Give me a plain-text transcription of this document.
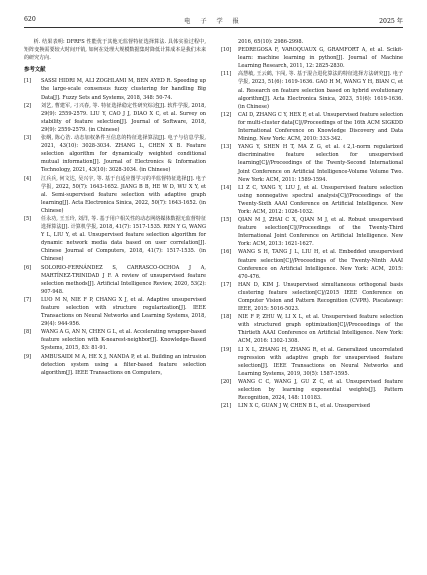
620	电 子 学 报	2025 年

析. 结果表明: DFRFS 性能优于其他无监督特征选择算法. 具体实验过程中, 矩阵变换需要较大时间开销, 如何在处理大规模数据集时降低计算成本是我们未来的研究方向.

参考文献
[1]	SASSI HIDRI M, ALI ZOGHLAMI M, BEN AYED R. Speeding up the large-scale consensus fuzzy clustering for handling Big Data[J]. Fuzzy Sets and Systems, 2018, 348: 50-74.
[2]	刘艺, 曹建军, 刁兴春, 等. 特征选择稳定性研究综述[J]. 软件学报, 2018, 29(9): 2559-2579. LIU Y, CAO J J, DIAO X C, et al. Survey on stability of feature selection[J]. Journal of Software, 2018, 29(9): 2559-2579. (in Chinese)
[3]	张纲, 陈心浩. 动态加权条件互信息的特征选择算法[J]. 电子与信息学报, 2021, 43(10): 3028-3034. ZHANG L, CHEN X B. Feature selection algorithm for dynamically weighted conditional mutual information[J]. Journal of Electronics & Information Technology, 2021, 43(10): 3028-3034. (in Chinese)
[4]	江兵兵, 何文达, 吴兴宇, 等. 基于自适应图学习的半监督特征选择[J]. 电子学报, 2022, 50(7): 1643-1652. JIANG B B, HE W D, WU X Y, et al. Semi-supervised feature selection with adaptive graph learning[J]. Acta Electronica Sinica, 2022, 50(7): 1643-1652. (in Chinese)
[5]	任永功, 王玉玲, 刘洋, 等. 基于用户相关性的动态网络媒体数据无监督特征选择算法[J]. 计算机学报, 2018, 41(7): 1517-1535. REN Y G, WANG Y L, LIU Y, et al. Unsupervised feature selection algorithm for dynamic network media data based on user correlation[J]. Chinese Journal of Computers, 2018, 41(7): 1517-1535. (in Chinese)
[6]	SOLORIO-FERNÁNDEZ S, CARRASCO-OCHOA J A, MARTÍNEZ-TRINIDAD J F. A review of unsupervised feature selection methods[J]. Artificial Intelligence Review, 2020, 53(2): 907-948.
[7]	LUO M N, NIE F P, CHANG X J, et al. Adaptive unsupervised feature selection with structure regularization[J]. IEEE Transactions on Neural Networks and Learning Systems, 2018, 29(4): 944-956.
[8]	WANG A G, AN N, CHEN G L, et al. Accelerating wrapper-based feature selection with K-nearest-neighbor[J]. Knowledge-Based Systems, 2015, 83: 81-91.
[9]	AMBUSAIDI M A, HE X J, NANDA P, et al. Building an intrusion detection system using a filter-based feature selection algorithm[J]. IEEE Transactions on Computers,
2016, 65(10): 2986-2998.
[10]	PEDREGOSA F, VAROQUAUX G, GRAMFORT A, et al. Scikit-learn: machine learning in python[J]. Journal of Machine Learning Research, 2011, 12: 2825-2830.
[11]	高慧敏, 王云鹤, 卞闯, 等. 基于混合进化算法的特征选择方法研究[J]. 电子学报, 2023, 51(6): 1619-1636. GAO H M, WANG Y H, BIAN C, et al. Research on feature selection based on hybrid evolutionary algorithm[J]. Acta Electronica Sinica, 2023, 51(6): 1619-1636. (in Chinese)
[12]	CAI D, ZHANG C Y, HEX F, et al. Unsupervised feature selection for multi-cluster data[C]//Proceedings of the 16th ACM SIGKDD International Conference on Knowledge Discovery and Data Mining. New York: ACM, 2010: 333-342.
[13]	YANG Y, SHEN H T, MA Z G, et al. ℓ2,1-norm regularized discriminative feature selection for unsupervised learning[C]//Proceedings of the Twenty-Second International Joint Conference on Artificial Intelligence-Volume Volume Two. New York: ACM, 2011: 1589-1594.
[14]	LI Z C, YANG Y, LIU J, et al. Unsupervised feature selection using nonnegative spectral analysis[C]//Proceedings of the Twenty-Sixth AAAI Conference on Artificial Intelligence. New York: ACM, 2012: 1026-1032.
[15]	QIAN M J, ZHAI C X, QIAN M J, et al. Robust unsupervised feature selection[C]//Proceedings of the Twenty-Third International Joint Conference on Artificial Intelligence. New York: ACM, 2013: 1621-1627.
[16]	WANG S H, TANG J L, LIU H, et al. Embedded unsupervised feature selection[C]//Proceedings of the Twenty-Ninth AAAI Conference on Artificial Intelligence. New York: ACM, 2015: 470-476.
[17]	HAN D, KIM J. Unsupervised simultaneous orthogonal basis clustering feature selection[C]//2015 IEEE Conference on Computer Vision and Pattern Recognition (CVPR). Piscataway: IEEE, 2015: 5016-5023.
[18]	NIE F P, ZHU W, LI X L, et al. Unsupervised feature selection with structured graph optimization[C]//Proceedings of the Thirtieth AAAI Conference on Artificial Intelligence. New York: ACM, 2016: 1302-1308.
[19]	LI X L, ZHANG H, ZHANG R, et al. Generalized uncorrelated regression with adaptive graph for unsupervised feature selection[J]. IEEE Transactions on Neural Networks and Learning Systems, 2019, 30(5): 1587-1595.
[20]	WANG C C, WANG J, GU Z C, et al. Unsupervised feature selection by learning exponential weights[J]. Pattern Recognition, 2024, 148: 110183.
[21]	LIN X C, GUAN J W, CHEN B L, et al. Unsupervised
